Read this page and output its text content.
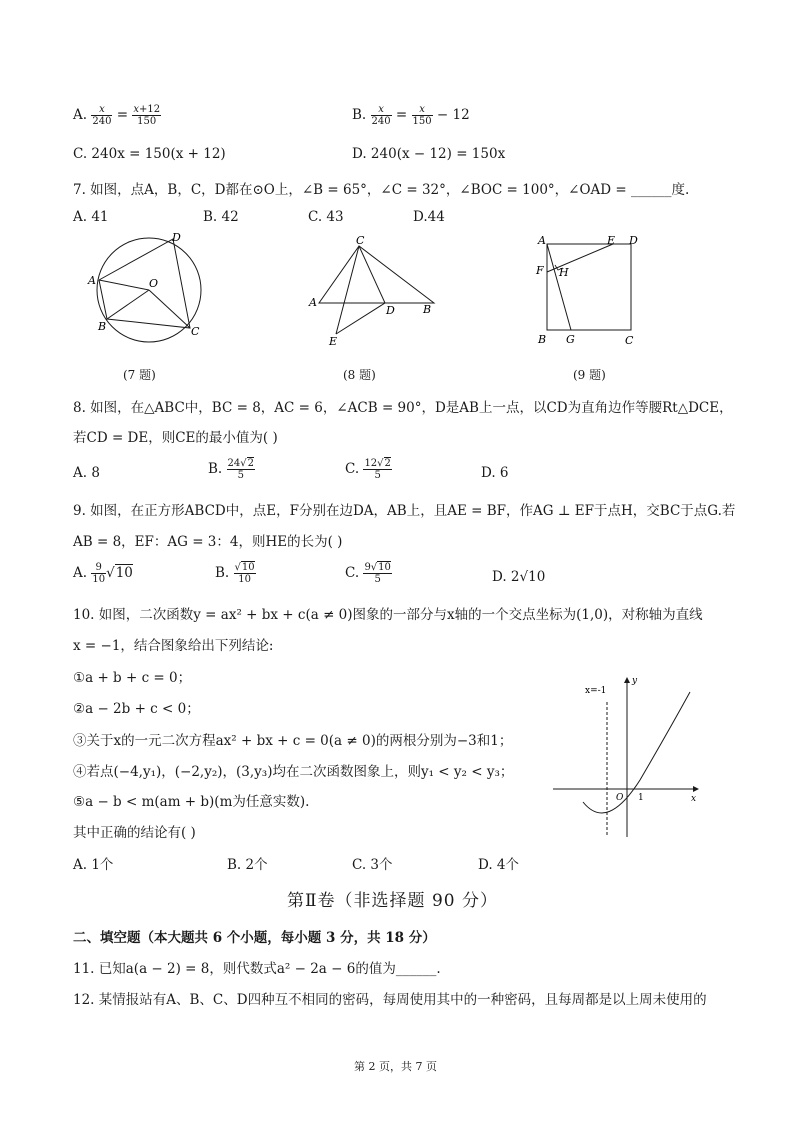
A. $\frac{x}{240} = \frac{x+12}{150}$	B. $\frac{x}{240} = \frac{x}{150} - 12$
C. 240x = 150(x + 12)	D. 240(x − 12) = 150x
7. 如图，点A，B，C，D都在⊙O上，∠B = 65°，∠C = 32°，∠BOC = 100°，∠OAD = ______度.
A. 41	B. 42	C. 43	D.44
D
A	O
B	C
(7 题)
C
A
D	B
E
(8 题)
A	E D
F H
B G	C
(9 题)
8. 如图，在△ABC中，BC = 8，AC = 6，∠ACB = 90°，D是AB上一点，以CD为直角边作等腰Rt△DCE，
若CD = DE，则CE的最小值为( )
A. 8	B. $\frac{24√2}{5}$	C. $\frac{12√2}{5}$	D. 6
9. 如图，在正方形ABCD中，点E，F分别在边DA，AB上，且AE = BF，作AG ⊥ EF于点H，交BC于点G.若
AB = 8，EF：AG = 3：4，则HE的长为( )
A. $\frac{9}{10} √10$	B. $\frac{√10}{10}$	C. $\frac{9√10}{5}$	D. 2√10
10. 如图，二次函数y = ax² + bx + c(a ≠ 0)图象的一部分与x轴的一个交点坐标为(1,0)，对称轴为直线
x = −1，结合图象给出下列结论:
①a + b + c = 0；
②a − 2b + c < 0；
③关于x的一元二次方程ax² + bx + c = 0(a ≠ 0)的两根分别为−3和1；
④若点(−4,y₁)，(−2,y₂)，(3,y₃)均在二次函数图象上，则y₁ < y₂ < y₃；
⑤a − b < m(am + b)(m为任意实数).
其中正确的结论有( )
A. 1个	B. 2个	C. 3个	D. 4个
x=-1
y
O 1	x
第Ⅱ卷（非选择题 90 分）
二、填空题（本大题共 6 个小题，每小题 3 分，共 18 分）
11. 已知a(a − 2) = 8，则代数式a² − 2a − 6的值为______.
12. 某情报站有A、B、C、D四种互不相同的密码，每周使用其中的一种密码，且每周都是以上周未使用的
第 2 页，共 7 页
